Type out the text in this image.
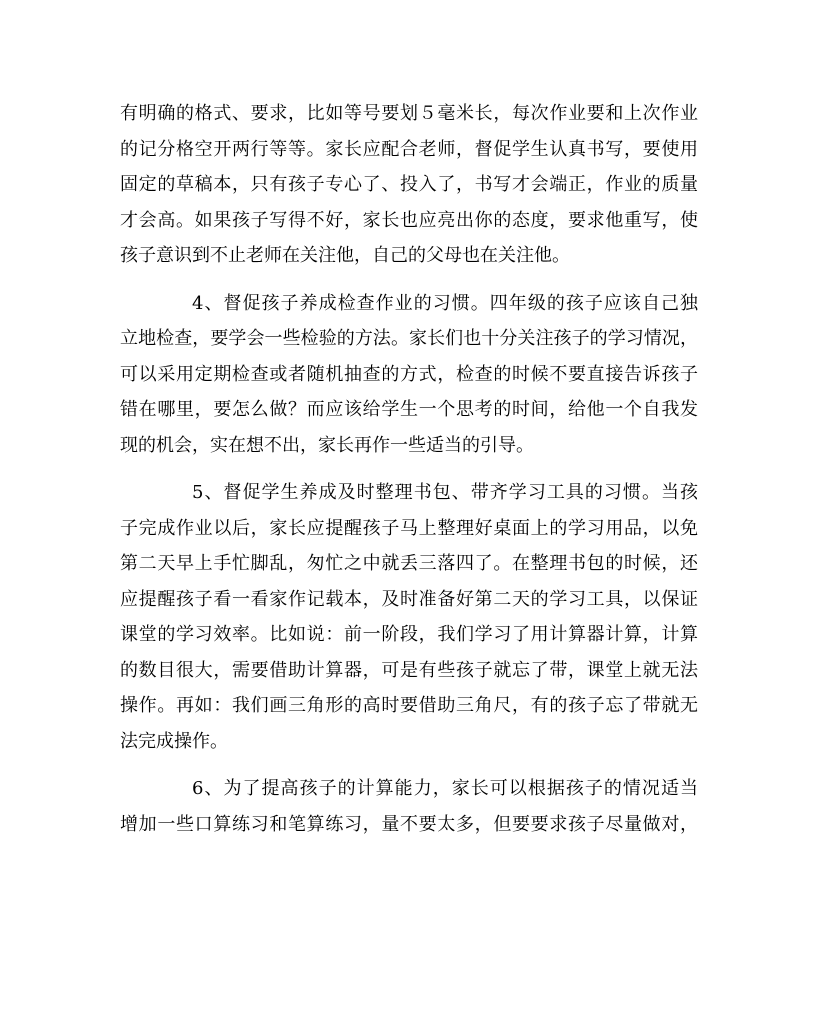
有明确的格式、要求，比如等号要划５毫米长，每次作业要和上次作业
的记分格空开两行等等。家长应配合老师，督促学生认真书写，要使用
固定的草稿本，只有孩子专心了、投入了，书写才会端正，作业的质量
才会高。如果孩子写得不好，家长也应亮出你的态度，要求他重写，使
孩子意识到不止老师在关注他，自己的父母也在关注他。
4、督促孩子养成检查作业的习惯。四年级的孩子应该自己独
立地检查，要学会一些检验的方法。家长们也十分关注孩子的学习情况，
可以采用定期检查或者随机抽查的方式，检查的时候不要直接告诉孩子
错在哪里，要怎么做？而应该给学生一个思考的时间，给他一个自我发
现的机会，实在想不出，家长再作一些适当的引导。
5、督促学生养成及时整理书包、带齐学习工具的习惯。当孩
子完成作业以后，家长应提醒孩子马上整理好桌面上的学习用品，以免
第二天早上手忙脚乱，匆忙之中就丢三落四了。在整理书包的时候，还
应提醒孩子看一看家作记载本，及时准备好第二天的学习工具，以保证
课堂的学习效率。比如说：前一阶段，我们学习了用计算器计算，计算
的数目很大，需要借助计算器，可是有些孩子就忘了带，课堂上就无法
操作。再如：我们画三角形的高时要借助三角尺，有的孩子忘了带就无
法完成操作。
6、为了提高孩子的计算能力，家长可以根据孩子的情况适当
增加一些口算练习和笔算练习，量不要太多，但要要求孩子尽量做对，
